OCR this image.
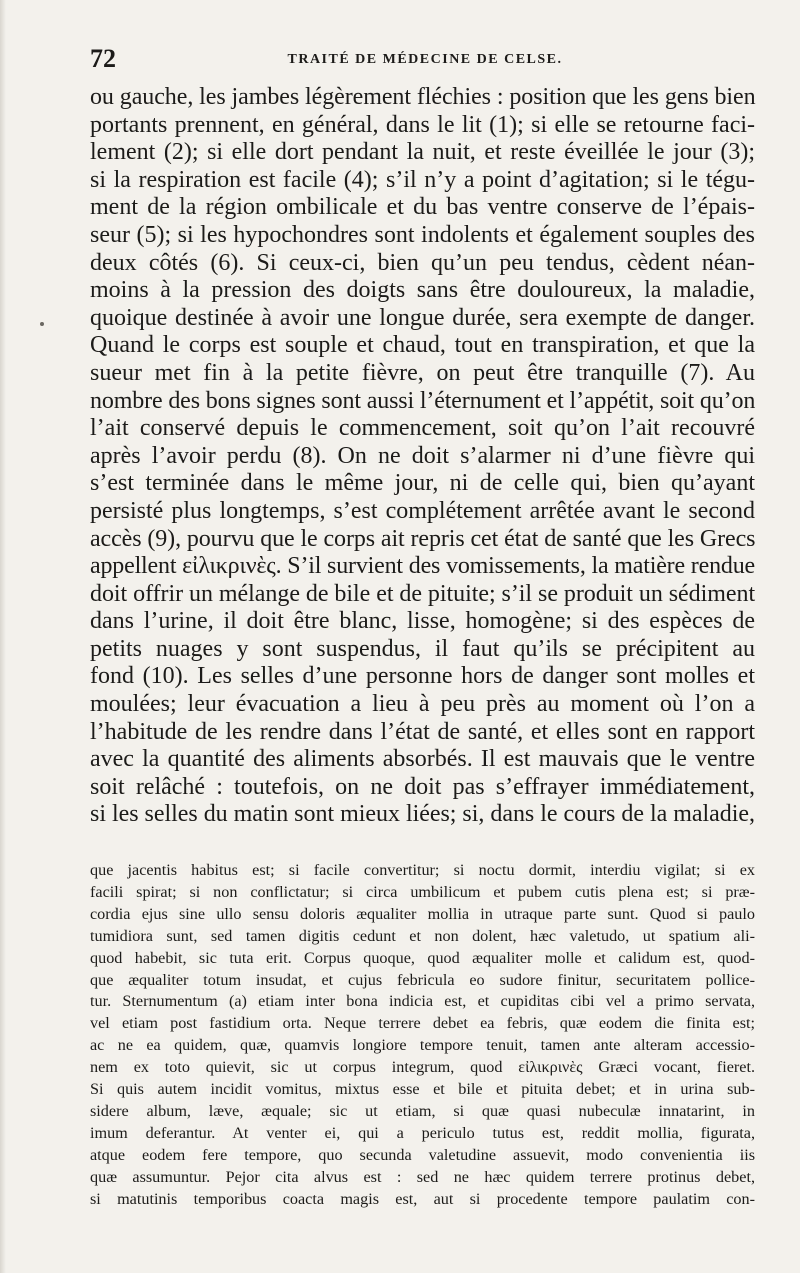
72	TRAITÉ DE MÉDECINE DE CELSE.
ou gauche, les jambes légèrement fléchies : position que les gens bien
portants prennent, en général, dans le lit (1); si elle se retourne faci-
lement (2); si elle dort pendant la nuit, et reste éveillée le jour (3);
si la respiration est facile (4); s’il n’y a point d’agitation; si le tégu-
ment de la région ombilicale et du bas ventre conserve de l’épais-
seur (5); si les hypochondres sont indolents et également souples des
deux côtés (6). Si ceux-ci, bien qu’un peu tendus, cèdent néan-
moins à la pression des doigts sans être douloureux, la maladie,
quoique destinée à avoir une longue durée, sera exempte de danger.
Quand le corps est souple et chaud, tout en transpiration, et que la
sueur met fin à la petite fièvre, on peut être tranquille (7). Au
nombre des bons signes sont aussi l’éternument et l’appétit, soit qu’on
l’ait conservé depuis le commencement, soit qu’on l’ait recouvré
après l’avoir perdu (8). On ne doit s’alarmer ni d’une fièvre qui
s’est terminée dans le même jour, ni de celle qui, bien qu’ayant
persisté plus longtemps, s’est complétement arrêtée avant le second
accès (9), pourvu que le corps ait repris cet état de santé que les Grecs
appellent εἰλικρινὲς. S’il survient des vomissements, la matière rendue
doit offrir un mélange de bile et de pituite; s’il se produit un sédiment
dans l’urine, il doit être blanc, lisse, homogène; si des espèces de
petits nuages y sont suspendus, il faut qu’ils se précipitent au
fond (10). Les selles d’une personne hors de danger sont molles et
moulées; leur évacuation a lieu à peu près au moment où l’on a
l’habitude de les rendre dans l’état de santé, et elles sont en rapport
avec la quantité des aliments absorbés. Il est mauvais que le ventre
soit relâché : toutefois, on ne doit pas s’effrayer immédiatement,
si les selles du matin sont mieux liées; si, dans le cours de la maladie,
que jacentis habitus est; si facile convertitur; si noctu dormit, interdiu vigilat; si ex
facili spirat; si non conflictatur; si circa umbilicum et pubem cutis plena est; si præ-
cordia ejus sine ullo sensu doloris æqualiter mollia in utraque parte sunt. Quod si paulo
tumidiora sunt, sed tamen digitis cedunt et non dolent, hæc valetudo, ut spatium ali-
quod habebit, sic tuta erit. Corpus quoque, quod æqualiter molle et calidum est, quod-
que æqualiter totum insudat, et cujus febricula eo sudore finitur, securitatem pollice-
tur. Sternumentum (a) etiam inter bona indicia est, et cupiditas cibi vel a primo servata,
vel etiam post fastidium orta. Neque terrere debet ea febris, quæ eodem die finita est;
ac ne ea quidem, quæ, quamvis longiore tempore tenuit, tamen ante alteram accessio-
nem ex toto quievit, sic ut corpus integrum, quod εἰλικρινὲς Græci vocant, fieret.
Si quis autem incidit vomitus, mixtus esse et bile et pituita debet; et in urina sub-
sidere album, læve, æquale; sic ut etiam, si quæ quasi nubeculæ innatarint, in
imum deferantur. At venter ei, qui a periculo tutus est, reddit mollia, figurata,
atque eodem fere tempore, quo secunda valetudine assuevit, modo convenientia iis
quæ assumuntur. Pejor cita alvus est : sed ne hæc quidem terrere protinus debet,
si matutinis temporibus coacta magis est, aut si procedente tempore paulatim con-
